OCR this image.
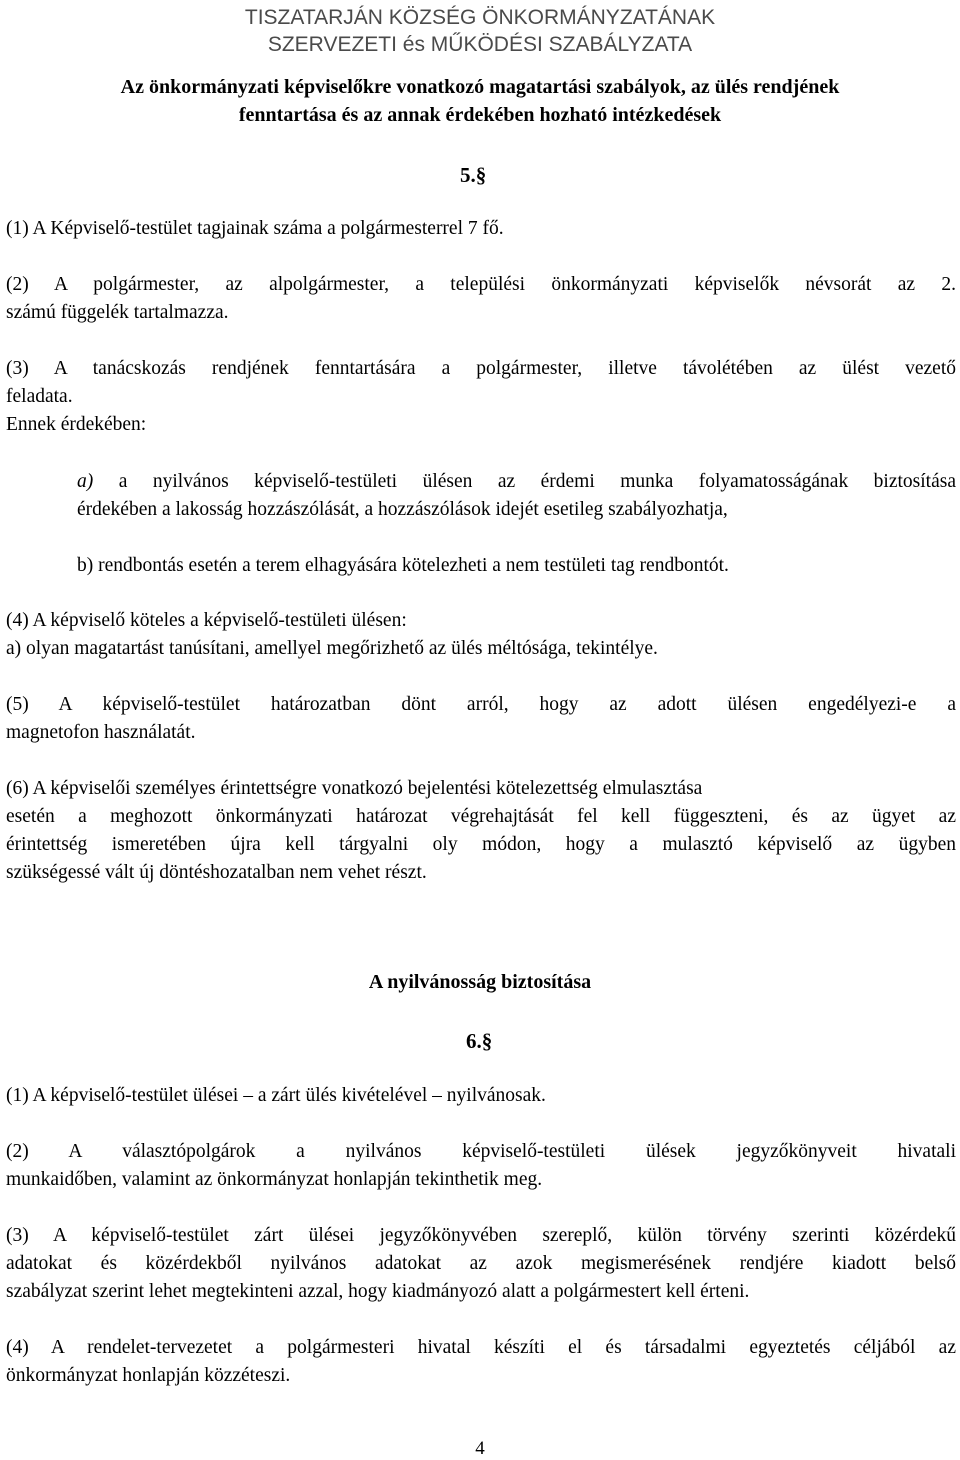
TISZATARJÁN KÖZSÉG ÖNKORMÁNYZATÁNAK
SZERVEZETI és MŰKÖDÉSI SZABÁLYZATA
Az önkormányzati képviselőkre vonatkozó magatartási szabályok, az ülés rendjének
fenntartása és az annak érdekében hozható intézkedések
5.§
(1) A Képviselő-testület tagjainak száma a polgármesterrel 7 fő.
(2) A polgármester, az alpolgármester, a települési önkormányzati képviselők névsorát az 2.
számú függelék tartalmazza.
(3) A tanácskozás rendjének fenntartására a polgármester, illetve távolétében az ülést vezető
feladata.
Ennek érdekében:
a) a nyilvános képviselő-testületi ülésen az érdemi munka folyamatosságának biztosítása
érdekében a lakosság hozzászólását, a hozzászólások idejét esetileg szabályozhatja,
b) rendbontás esetén a terem elhagyására kötelezheti a nem testületi tag rendbontót.
(4) A képviselő köteles a képviselő-testületi ülésen:
a) olyan magatartást tanúsítani, amellyel megőrizhető az ülés méltósága, tekintélye.
(5) A képviselő-testület határozatban dönt arról, hogy az adott ülésen engedélyezi-e a
magnetofon használatát.
(6) A képviselői személyes érintettségre vonatkozó bejelentési kötelezettség elmulasztása
esetén a meghozott önkormányzati határozat végrehajtását fel kell függeszteni, és az ügyet az
érintettség ismeretében újra kell tárgyalni oly módon, hogy a mulasztó képviselő az ügyben
szükségessé vált új döntéshozatalban nem vehet részt.
A nyilvánosság biztosítása
6.§
(1) A képviselő-testület ülései – a zárt ülés kivételével – nyilvánosak.
(2) A választópolgárok a nyilvános képviselő-testületi ülések jegyzőkönyveit hivatali
munkaidőben, valamint az önkormányzat honlapján tekinthetik meg.
(3) A képviselő-testület zárt ülései jegyzőkönyvében szereplő, külön törvény szerinti közérdekű
adatokat és közérdekből nyilvános adatokat az azok megismerésének rendjére kiadott belső
szabályzat szerint lehet megtekinteni azzal, hogy kiadmányozó alatt a polgármestert kell érteni.
(4) A rendelet-tervezetet a polgármesteri hivatal készíti el és társadalmi egyeztetés céljából az
önkormányzat honlapján közzéteszi.
4
